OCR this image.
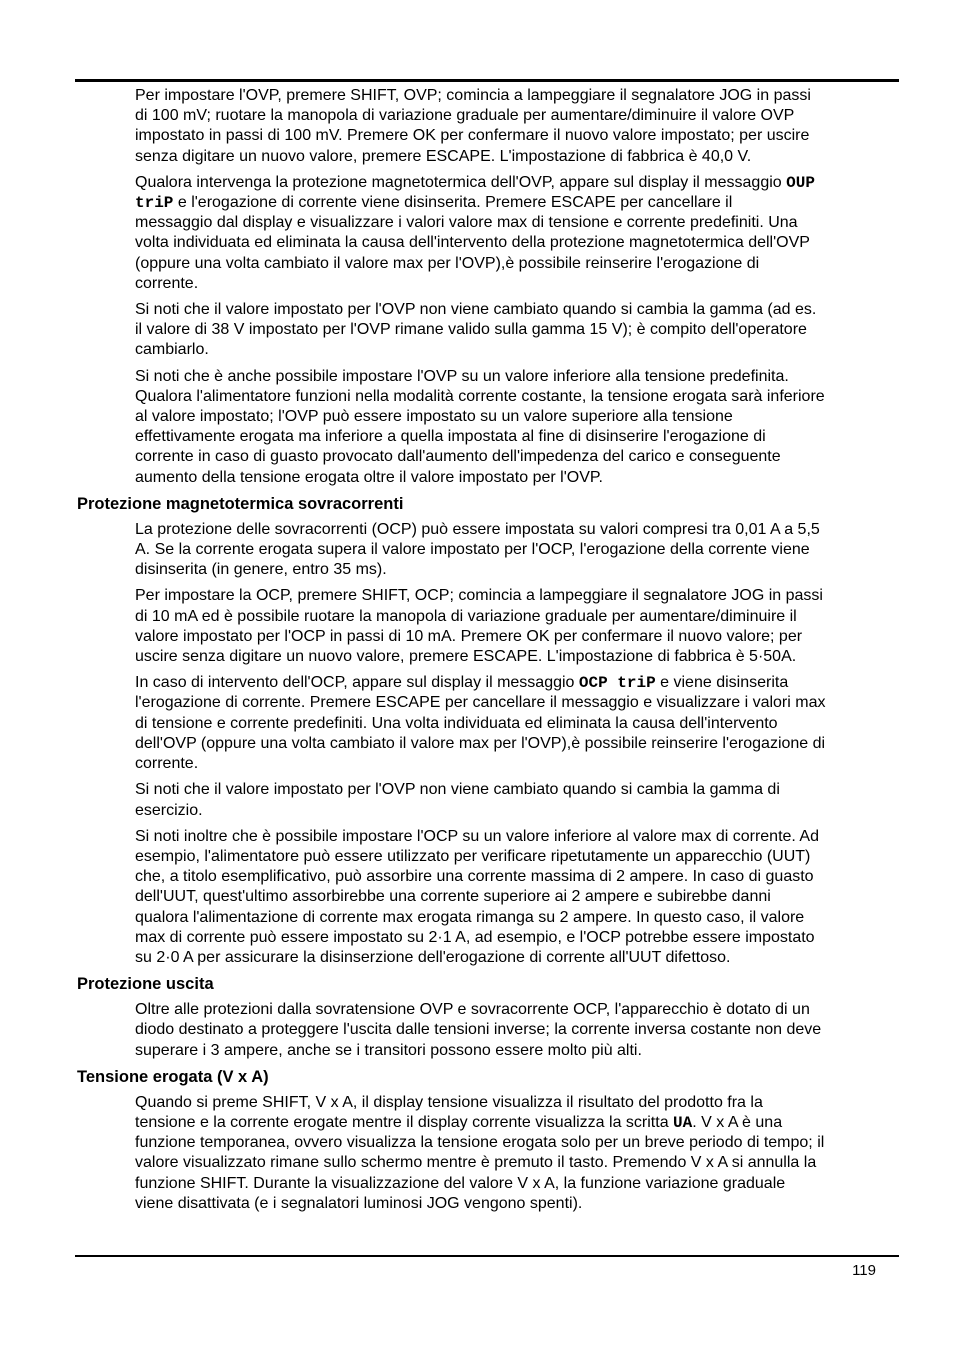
Per impostare l'OVP, premere SHIFT, OVP; comincia a lampeggiare il segnalatore JOG in passi
di 100 mV; ruotare la manopola di variazione graduale per aumentare/diminuire il valore OVP
impostato in passi di 100 mV. Premere OK per confermare il nuovo valore impostato; per uscire
senza digitare un nuovo valore, premere ESCAPE. L'impostazione di fabbrica è 40,0 V.

Qualora intervenga la protezione magnetotermica dell'OVP, appare sul display il messaggio OUP
triP e l'erogazione di corrente viene disinserita. Premere ESCAPE per cancellare il
messaggio dal display e visualizzare i valori valore max di tensione e corrente predefiniti. Una
volta individuata ed eliminata la causa dell'intervento della protezione magnetotermica dell'OVP
(oppure una volta cambiato il valore max per l'OVP),è possibile reinserire l'erogazione di
corrente.

Si noti che il valore impostato per l'OVP non viene cambiato quando si cambia la gamma (ad es.
il valore di 38 V impostato per l'OVP rimane valido sulla gamma 15 V); è compito dell'operatore
cambiarlo.

Si noti che è anche possibile impostare l'OVP su un valore inferiore alla tensione predefinita.
Qualora l'alimentatore funzioni nella modalità corrente costante, la tensione erogata sarà inferiore
al valore impostato; l'OVP può essere impostato su un valore superiore alla tensione
effettivamente erogata ma inferiore a quella impostata al fine di disinserire l'erogazione di
corrente in caso di guasto provocato dall'aumento dell'impedenza del carico e conseguente
aumento della tensione erogata oltre il valore impostato per l'OVP.

Protezione magnetotermica sovracorrenti

La protezione delle sovracorrenti (OCP) può essere impostata su valori compresi tra 0,01 A a 5,5
A. Se la corrente erogata supera il valore impostato per l'OCP, l'erogazione della corrente viene
disinserita (in genere, entro 35 ms).

Per impostare la OCP, premere SHIFT, OCP; comincia a lampeggiare il segnalatore JOG in passi
di 10 mA ed è possibile ruotare la manopola di variazione graduale per aumentare/diminuire il
valore impostato per l'OCP in passi di 10 mA. Premere OK per confermare il nuovo valore; per
uscire senza digitare un nuovo valore, premere ESCAPE. L'impostazione di fabbrica è 5·50A.

In caso di intervento dell'OCP, appare sul display il messaggio OCP triP e viene disinserita
l'erogazione di corrente. Premere ESCAPE per cancellare il messaggio e visualizzare i valori max
di tensione e corrente predefiniti. Una volta individuata ed eliminata la causa dell'intervento
dell'OVP (oppure una volta cambiato il valore max per l'OVP),è possibile reinserire l'erogazione di
corrente.

Si noti che il valore impostato per l'OVP non viene cambiato quando si cambia la gamma di
esercizio.

Si noti inoltre che è possibile impostare l'OCP su un valore inferiore al valore max di corrente. Ad
esempio, l'alimentatore può essere utilizzato per verificare ripetutamente un apparecchio (UUT)
che, a titolo esemplificativo, può assorbire una corrente massima di 2 ampere. In caso di guasto
dell'UUT, quest'ultimo assorbirebbe una corrente superiore ai 2 ampere e subirebbe danni
qualora l'alimentazione di corrente max erogata rimanga su 2 ampere. In questo caso, il valore
max di corrente può essere impostato su 2·1 A, ad esempio, e l'OCP potrebbe essere impostato
su 2·0 A per assicurare la disinserzione dell'erogazione di corrente all'UUT difettoso.

Protezione uscita

Oltre alle protezioni dalla sovratensione OVP e sovracorrente OCP, l'apparecchio è dotato di un
diodo destinato a proteggere l'uscita dalle tensioni inverse; la corrente inversa costante non deve
superare i 3 ampere, anche se i transitori possono essere molto più alti.

Tensione erogata (V x A)

Quando si preme SHIFT, V x A, il display tensione visualizza il risultato del prodotto fra la
tensione e la corrente erogate mentre il display corrente visualizza la scritta UA. V x A è una
funzione temporanea, ovvero visualizza la tensione erogata solo per un breve periodo di tempo; il
valore visualizzato rimane sullo schermo mentre è premuto il tasto. Premendo V x A si annulla la
funzione SHIFT. Durante la visualizzazione del valore V x A, la funzione variazione graduale
viene disattivata (e i segnalatori luminosi JOG vengono spenti).

119
